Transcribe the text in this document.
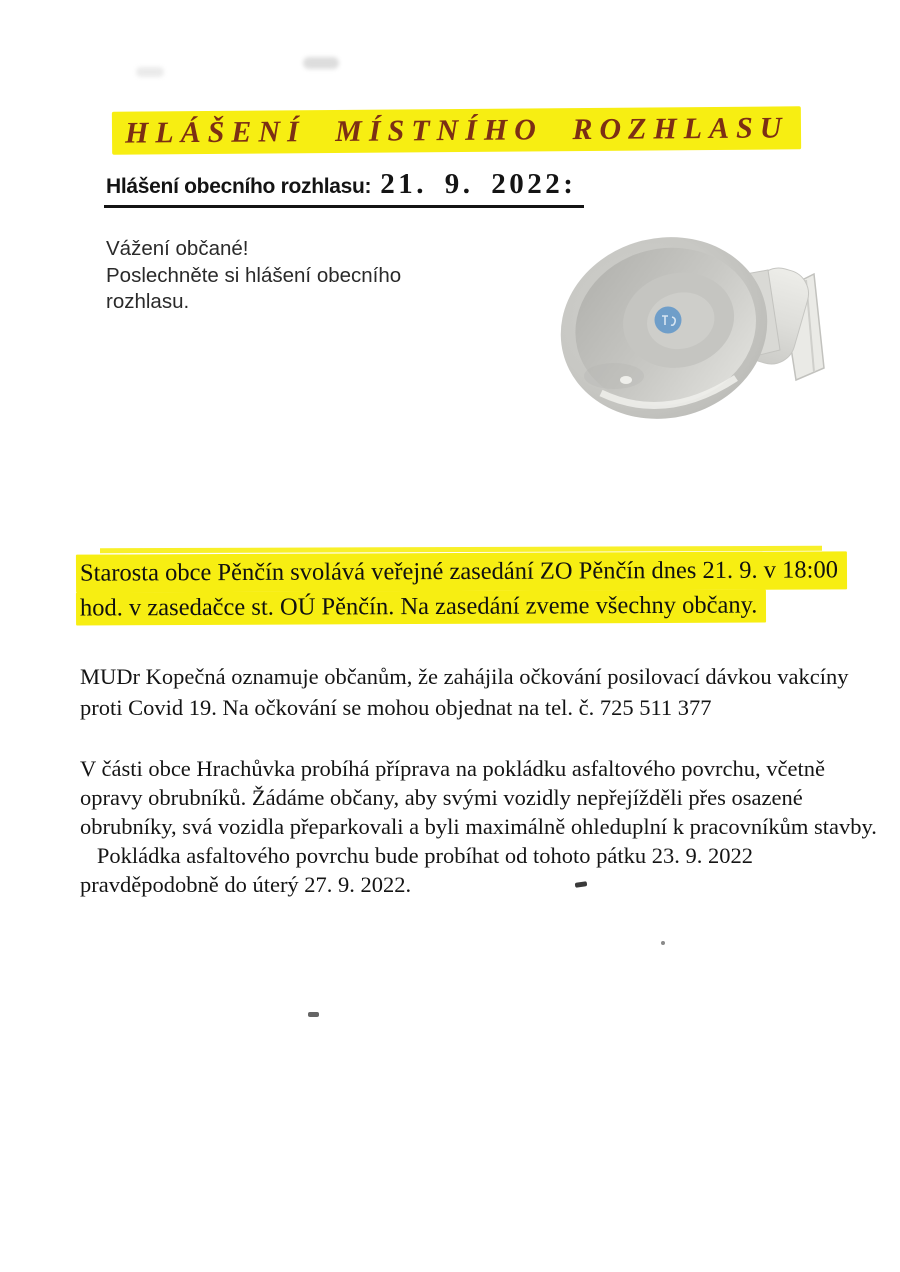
HLÁŠENÍ MÍSTNÍHO ROZHLASU
Hlášení obecního rozhlasu: 21. 9. 2022:
Vážení občané!
Poslechněte si hlášení obecního
rozhlasu.
Starosta obce Pěnčín svolává veřejné zasedání ZO Pěnčín dnes 21. 9. v 18:00
hod. v zasedačce st. OÚ Pěnčín. Na zasedání zveme všechny občany.
MUDr Kopečná oznamuje občanům, že zahájila očkování posilovací dávkou vakcíny
proti Covid 19. Na očkování se mohou objednat na tel. č. 725 511 377
V části obce Hrachůvka probíhá příprava na pokládku asfaltového povrchu, včetně
opravy obrubníků. Žádáme občany, aby svými vozidly nepřejížděli přes osazené
obrubníky, svá vozidla přeparkovali a byli maximálně ohleduplní k pracovníkům stavby.
Pokládka asfaltového povrchu bude probíhat od tohoto pátku 23. 9. 2022
pravděpodobně do úterý 27. 9. 2022.
